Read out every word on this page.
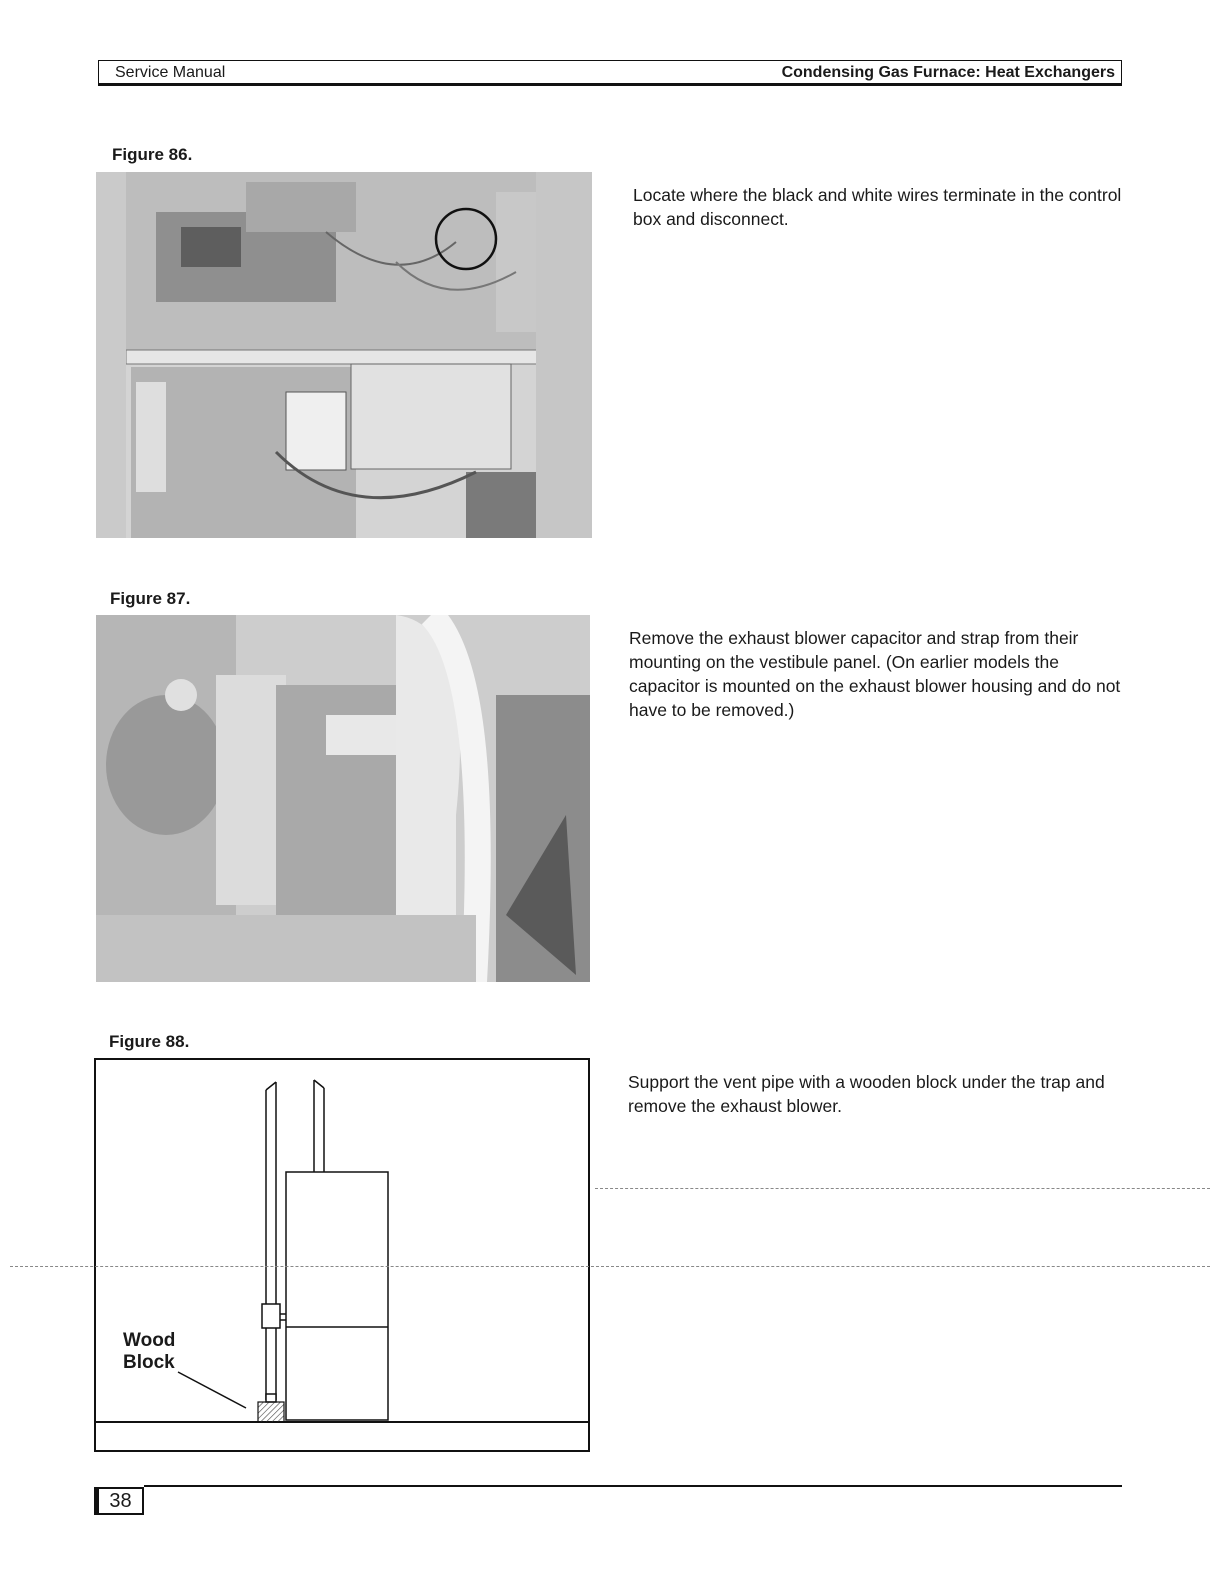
Service Manual	Condensing Gas Furnace: Heat Exchangers
Figure 86.
Locate where the black and white wires terminate in the control box and disconnect.
Figure 87.
Remove the exhaust blower capacitor and strap from their mounting on the vestibule panel. (On earlier models the capacitor is mounted on the exhaust blower housing and do not have to be removed.)
Figure 88.
Wood
Block
Support the vent pipe with a wooden block under the trap and remove the exhaust blower.
38
